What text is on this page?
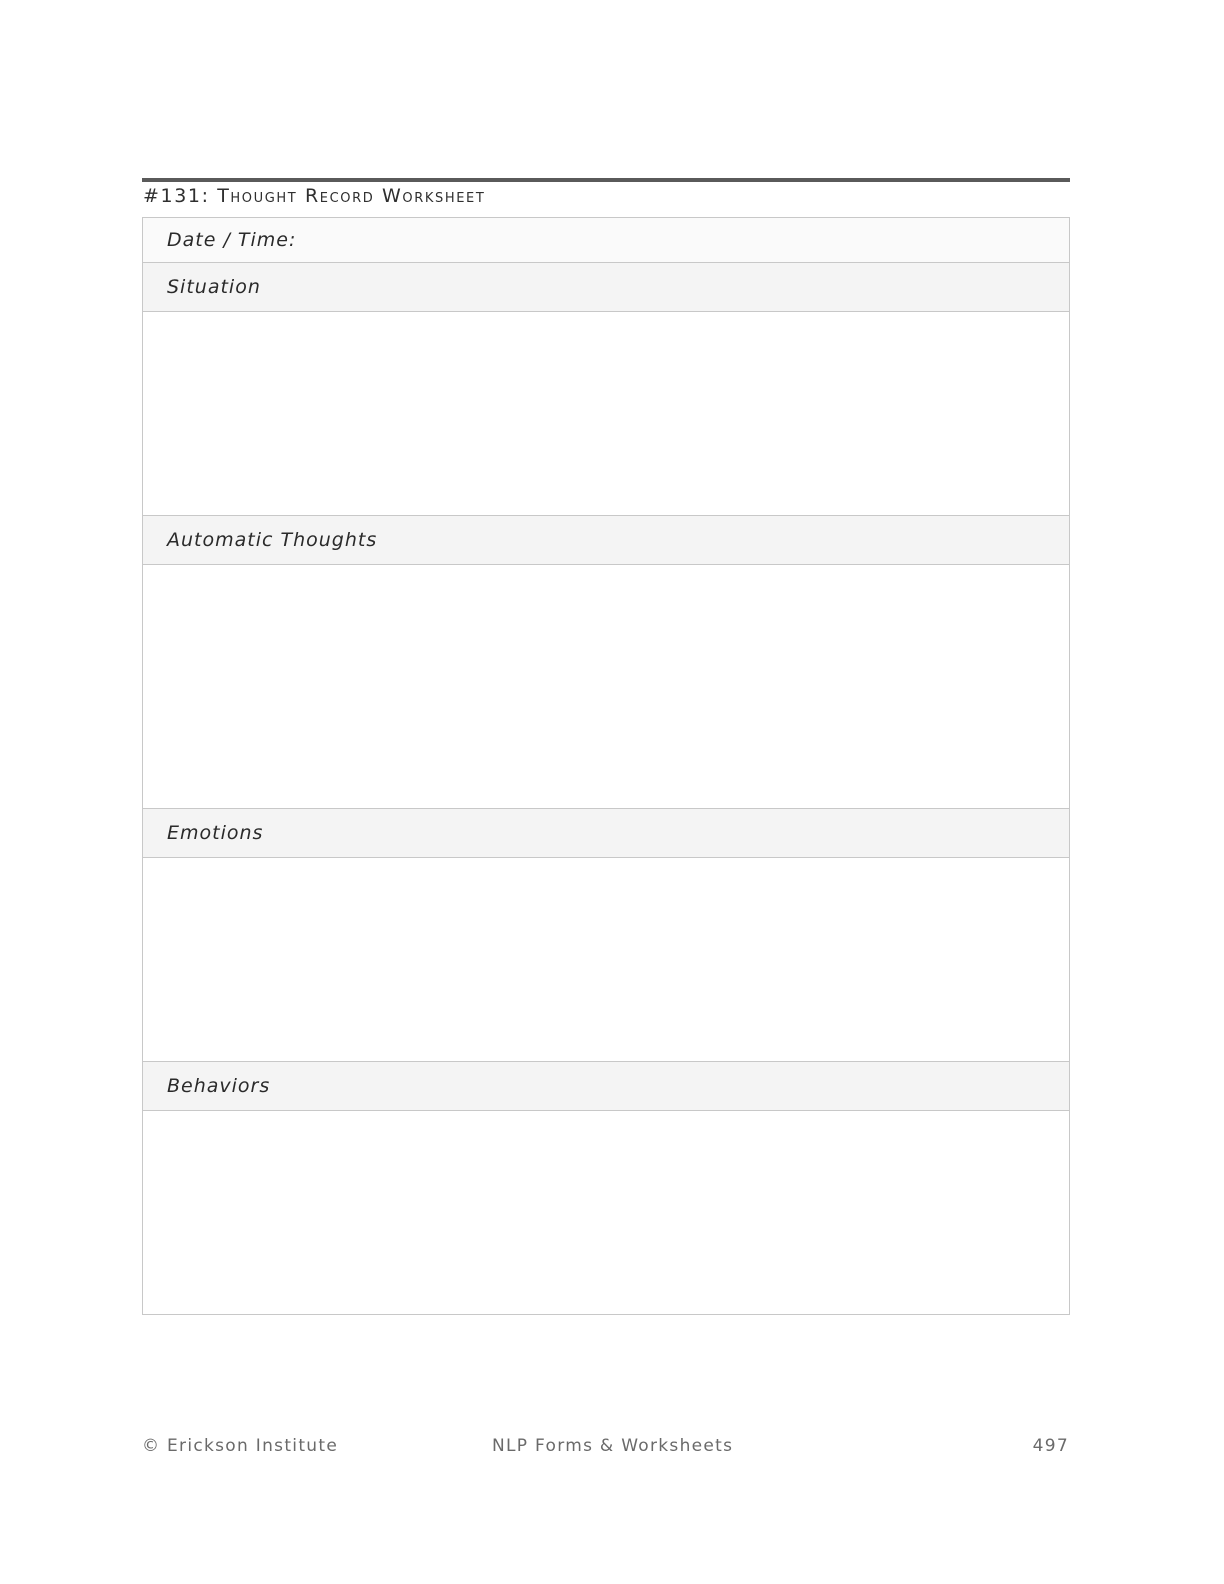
#131: Thought Record Worksheet
Date / Time:
Situation
Automatic Thoughts
Emotions
Behaviors
© Erickson Institute	NLP Forms & Worksheets	497
